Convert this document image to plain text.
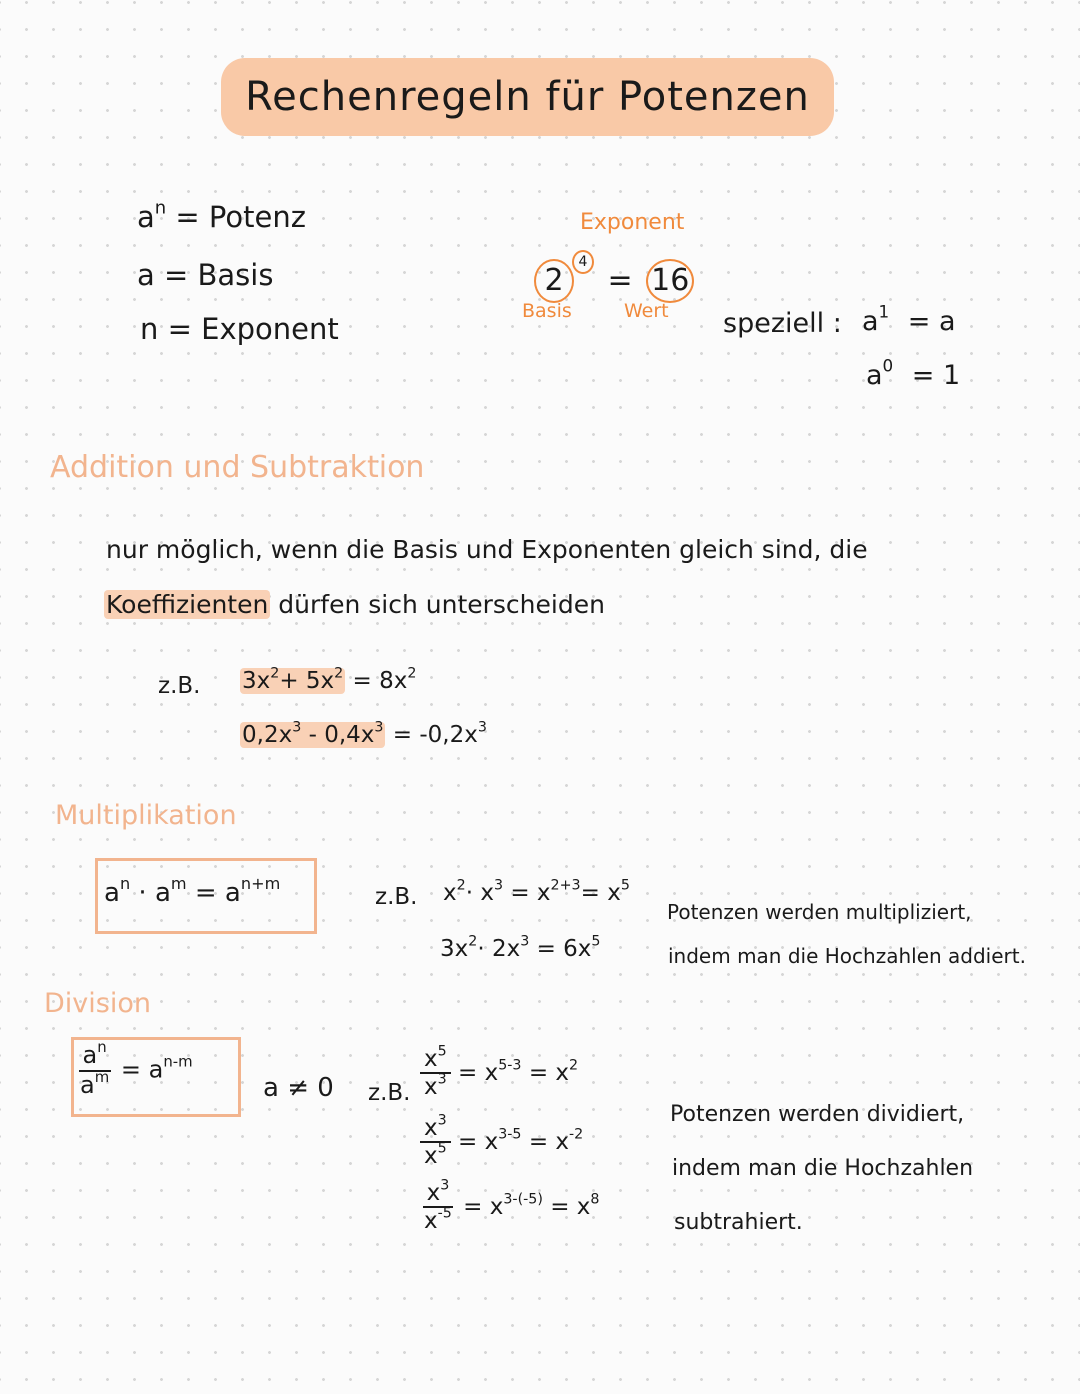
Rechenregeln für Potenzen
$a^n$ = Potenz
a = Basis
n = Exponent
Exponent
24 = 16
Basis	Wert speziell : $a^1 = a$
$a^0 = 1$
Addition und Subtraktion
nur möglich, wenn die Basis und Exponenten gleich sind, die
Koeffizienten dürfen sich unterscheiden
z.B. $3x^2+ 5x^2 = 8x^2$
$0,2x^3 - 0,4x^3 = -0,2x^3$
Multiplikation
$a^n \cdot a^m = a^{n+m}$
z.B. $x^2\cdot x^3 = x^{2+3}= x^5$
$3x^2\cdot 2x^3 = 6x^5$
Potenzen werden multipliziert,
indem man die Hochzahlen addiert.
Division
$\frac{a^n}{a^m} = a^{n-m}$
a ≠ 0 z.B. $\frac{x^5}{x^3} = x^{5-3} = x^2$
$\frac{x^3}{x^5} = x^{3-5} = x^{-2}$
$\frac{x^3}{x^{-5}} = x^{3-(-5)} = x^8$
Potenzen werden dividiert,
indem man die Hochzahlen
subtrahiert.
